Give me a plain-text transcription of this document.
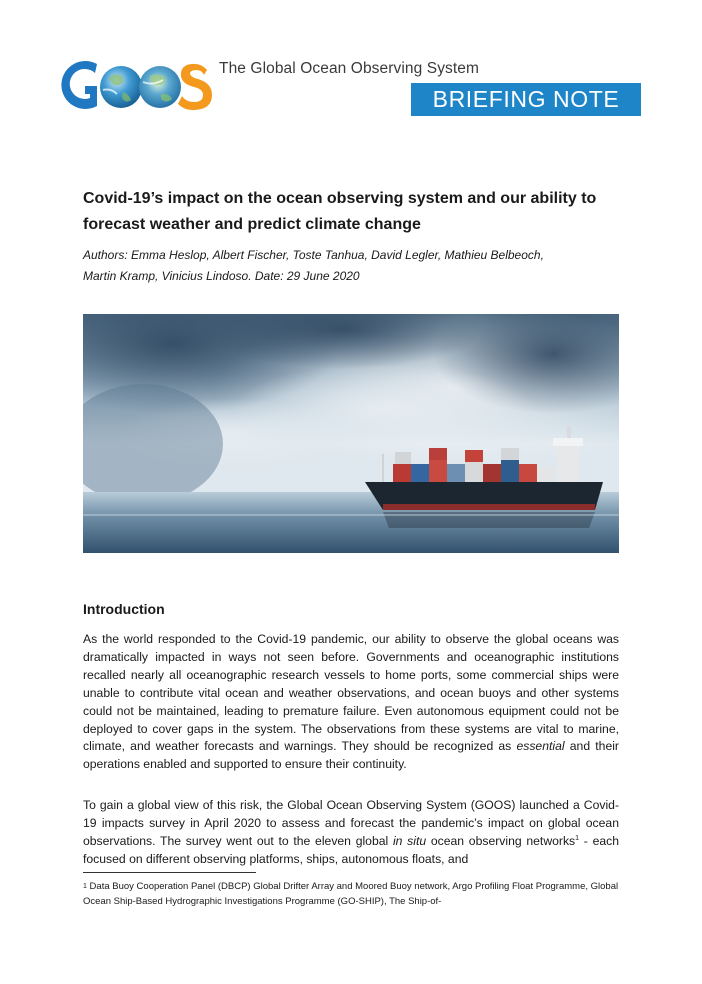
The Global Ocean Observing System
BRIEFING NOTE
Covid-19’s impact on the ocean observing system and our ability to
forecast weather and predict climate change

Authors: Emma Heslop, Albert Fischer, Toste Tanhua, David Legler, Mathieu Belbeoch,
Martin Kramp, Vinicius Lindoso. Date: 29 June 2020

Introduction

As the world responded to the Covid-19 pandemic, our ability to observe the global oceans was dramatically impacted in ways not seen before. Governments and oceanographic institutions recalled nearly all oceanographic research vessels to home ports, some commercial ships were unable to contribute vital ocean and weather observations, and ocean buoys and other systems could not be maintained, leading to premature failure. Even autonomous equipment could not be deployed to cover gaps in the system. The observations from these systems are vital to marine, climate, and weather forecasts and warnings. They should be recognized as essential and their operations enabled and supported to ensure their continuity.

To gain a global view of this risk, the Global Ocean Observing System (GOOS) launched a Covid-19 impacts survey in April 2020 to assess and forecast the pandemic’s impact on global ocean observations. The survey went out to the eleven global in situ ocean observing networks$^1$ - each focused on different observing platforms, ships, autonomous floats, and

$^1$ Data Buoy Cooperation Panel (DBCP) Global Drifter Array and Moored Buoy network, Argo Profiling Float Programme, Global Ocean Ship-Based Hydrographic Investigations Programme (GO-SHIP), The Ship-of-
